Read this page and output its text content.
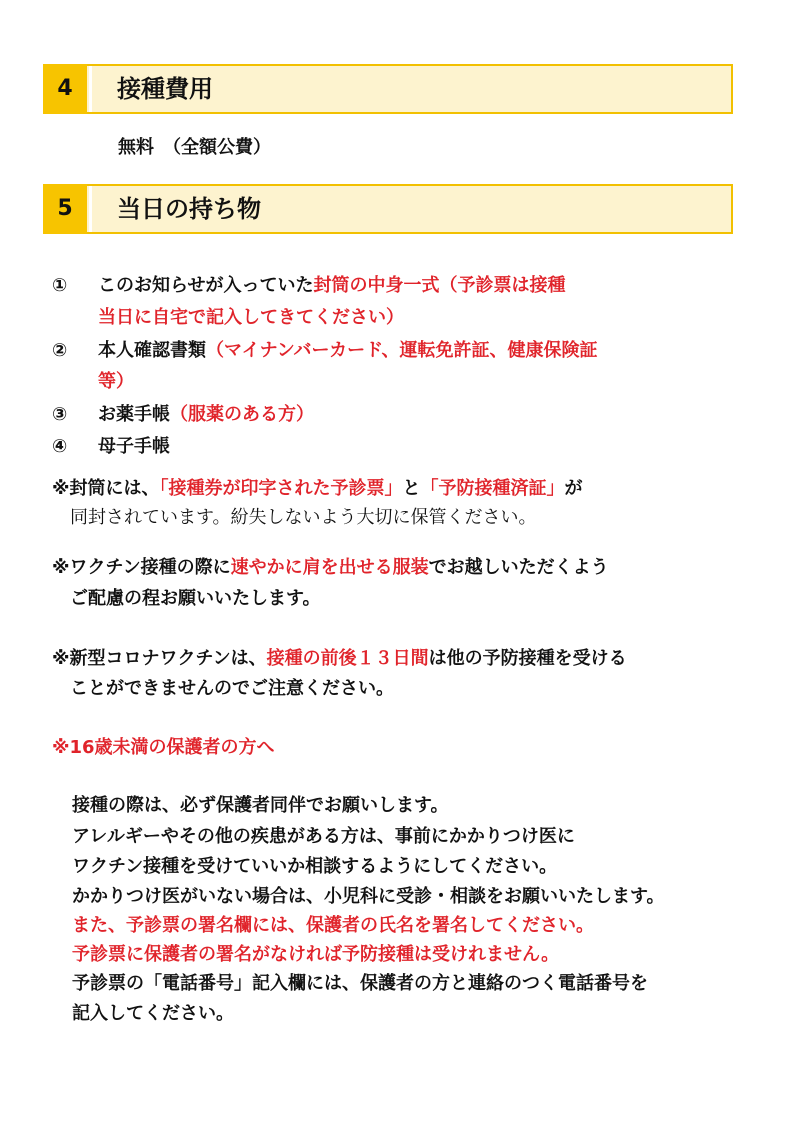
4	接種費用
無料　（全額公費）
5	当日の持ち物
① このお知らせが入っていた封筒の中身一式（予診票は接種
当日に自宅で記入してきてください）
② 本人確認書類（マイナンバーカード、運転免許証、健康保険証
等）
③ お薬手帳（服薬のある方）
④ 母子手帳
※封筒には、「接種券が印字された予診票」と「予防接種済証」が
同封されています。紛失しないよう大切に保管ください。
※ワクチン接種の際に速やかに肩を出せる服装でお越しいただくよう
ご配慮の程お願いいたします。
※新型コロナワクチンは、接種の前後１３日間は他の予防接種を受ける
ことができませんのでご注意ください。
※16歳未満の保護者の方へ
接種の際は、必ず保護者同伴でお願いします。
アレルギーやその他の疾患がある方は、事前にかかりつけ医に
ワクチン接種を受けていいか相談するようにしてください。
かかりつけ医がいない場合は、小児科に受診・相談をお願いいたします。
また、予診票の署名欄には、保護者の氏名を署名してください。
予診票に保護者の署名がなければ予防接種は受けれません。
予診票の「電話番号」記入欄には、保護者の方と連絡のつく電話番号を
記入してください。
